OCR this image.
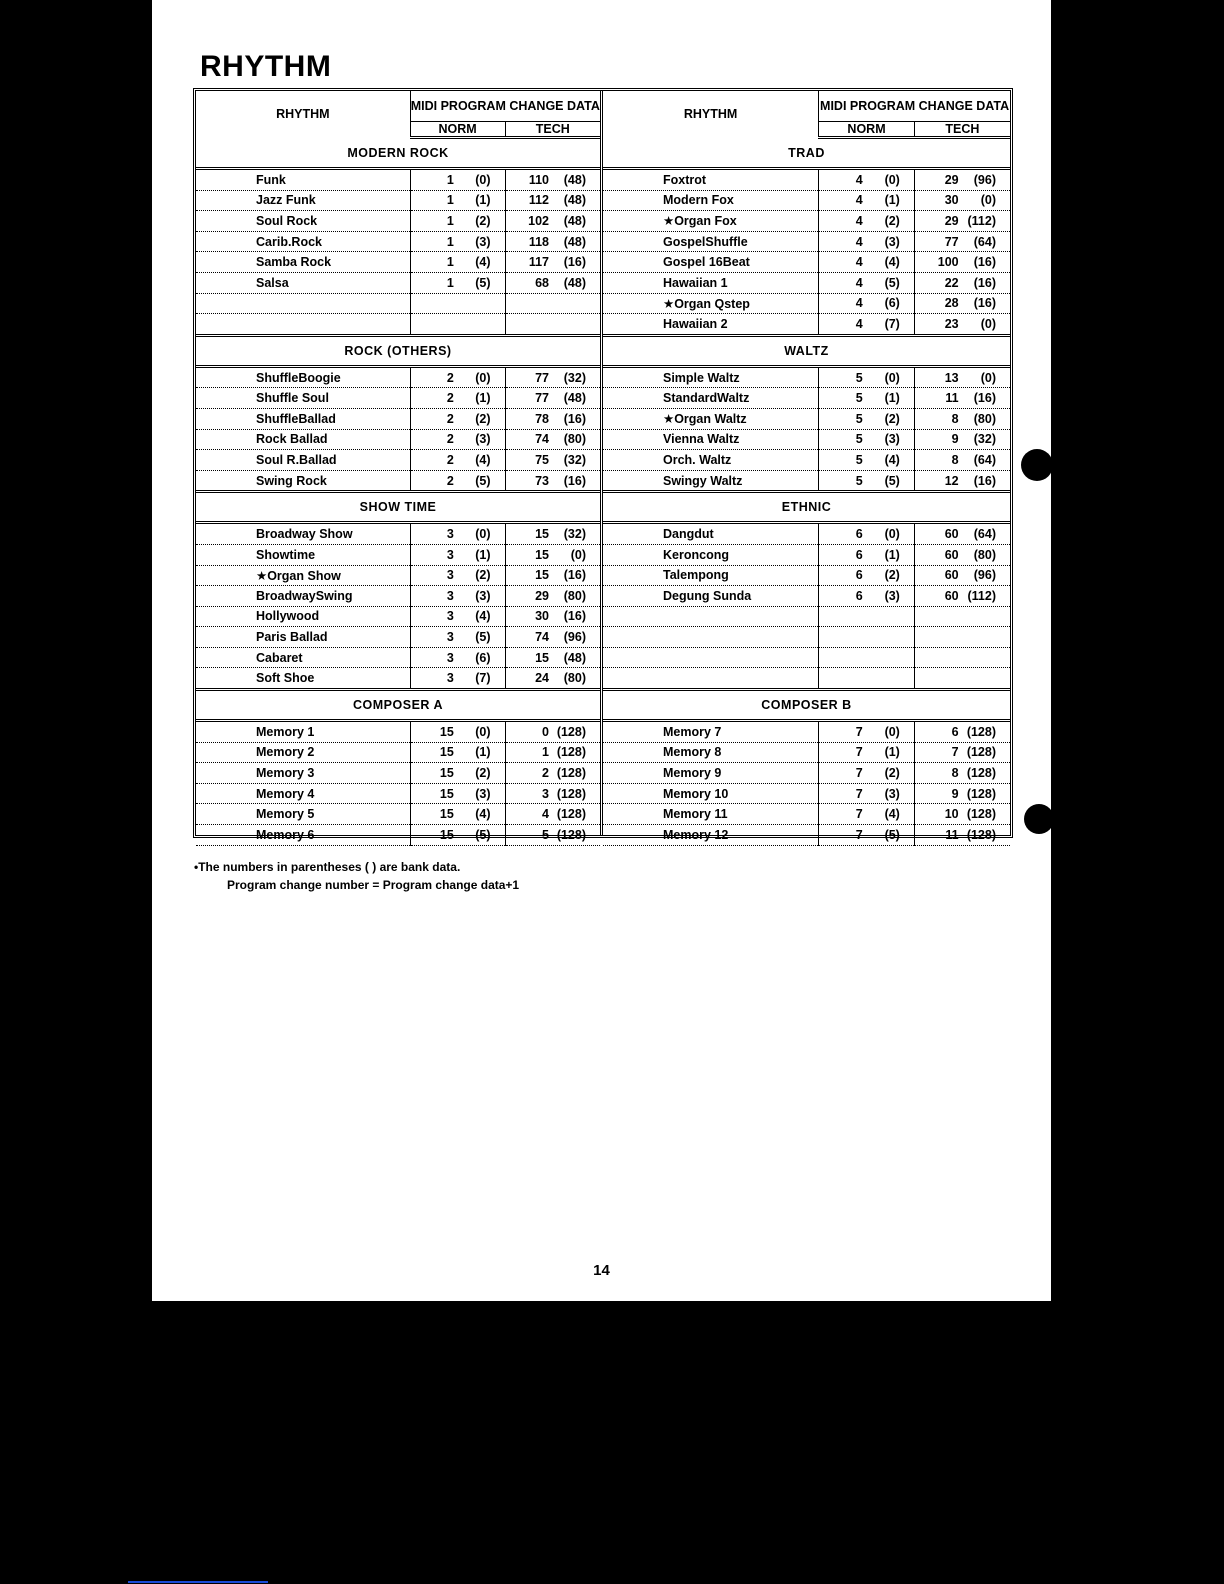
RHYTHM
RHYTHM	MIDI PROGRAM CHANGE DATA	
	NORM	TECH
MODERN ROCK		
Funk	1 (0)	110 (48)

Jazz Funk	1 (1)	112 (48)

Soul Rock	1 (2)	102 (48)

Carib.Rock	1 (3)	118 (48)

Samba Rock	1 (4)	117 (16)

Salsa	1 (5)	68 (48)

ROCK (OTHERS)		
ShuffleBoogie	2 (0)	77 (32)

Shuffle Soul	2 (1)	77 (48)

ShuffleBallad	2 (2)	78 (16)

Rock Ballad	2 (3)	74 (80)

Soul R.Ballad	2 (4)	75 (32)

Swing Rock	2 (5)	73 (16)

SHOW TIME		
Broadway Show	3 (0)	15 (32)

Showtime	3 (1)	15 (0)

★Organ Show	3 (2)	15 (16)

BroadwaySwing	3 (3)	29 (80)

Hollywood	3 (4)	30 (16)

Paris Ballad	3 (5)	74 (96)

Cabaret	3 (6)	15 (48)

Soft Shoe	3 (7)	24 (80)

COMPOSER A		
Memory 1	15 (0)	0 (128)

Memory 2	15 (1)	1 (128)

Memory 3	15 (2)	2 (128)

Memory 4	15 (3)	3 (128)

Memory 5	15 (4)	4 (128)

Memory 6	15 (5)	5 (128)
RHYTHM	MIDI PROGRAM CHANGE DATA	
	NORM	TECH
TRAD		
Foxtrot	4 (0)	29 (96)

Modern Fox	4 (1)	30 (0)

★Organ Fox	4 (2)	29 (112)

GospelShuffle	4 (3)	77 (64)

Gospel 16Beat	4 (4)	100 (16)

Hawaiian 1	4 (5)	22 (16)

★Organ Qstep	4 (6)	28 (16)

Hawaiian 2	4 (7)	23 (0)

WALTZ		
Simple Waltz	5 (0)	13 (0)

StandardWaltz	5 (1)	11 (16)

★Organ Waltz	5 (2)	8 (80)

Vienna Waltz	5 (3)	9 (32)

Orch. Waltz	5 (4)	8 (64)

Swingy Waltz	5 (5)	12 (16)

ETHNIC		
Dangdut	6 (0)	60 (64)

Keroncong	6 (1)	60 (80)

Talempong	6 (2)	60 (96)

Degung Sunda	6 (3)	60 (112)

COMPOSER B		
Memory 7	7 (0)	6 (128)

Memory 8	7 (1)	7 (128)

Memory 9	7 (2)	8 (128)

Memory 10	7 (3)	9 (128)

Memory 11	7 (4)	10 (128)

Memory 12	7 (5)	11 (128)
•The numbers in parentheses ( ) are bank data.
Program change number = Program change data+1
14
